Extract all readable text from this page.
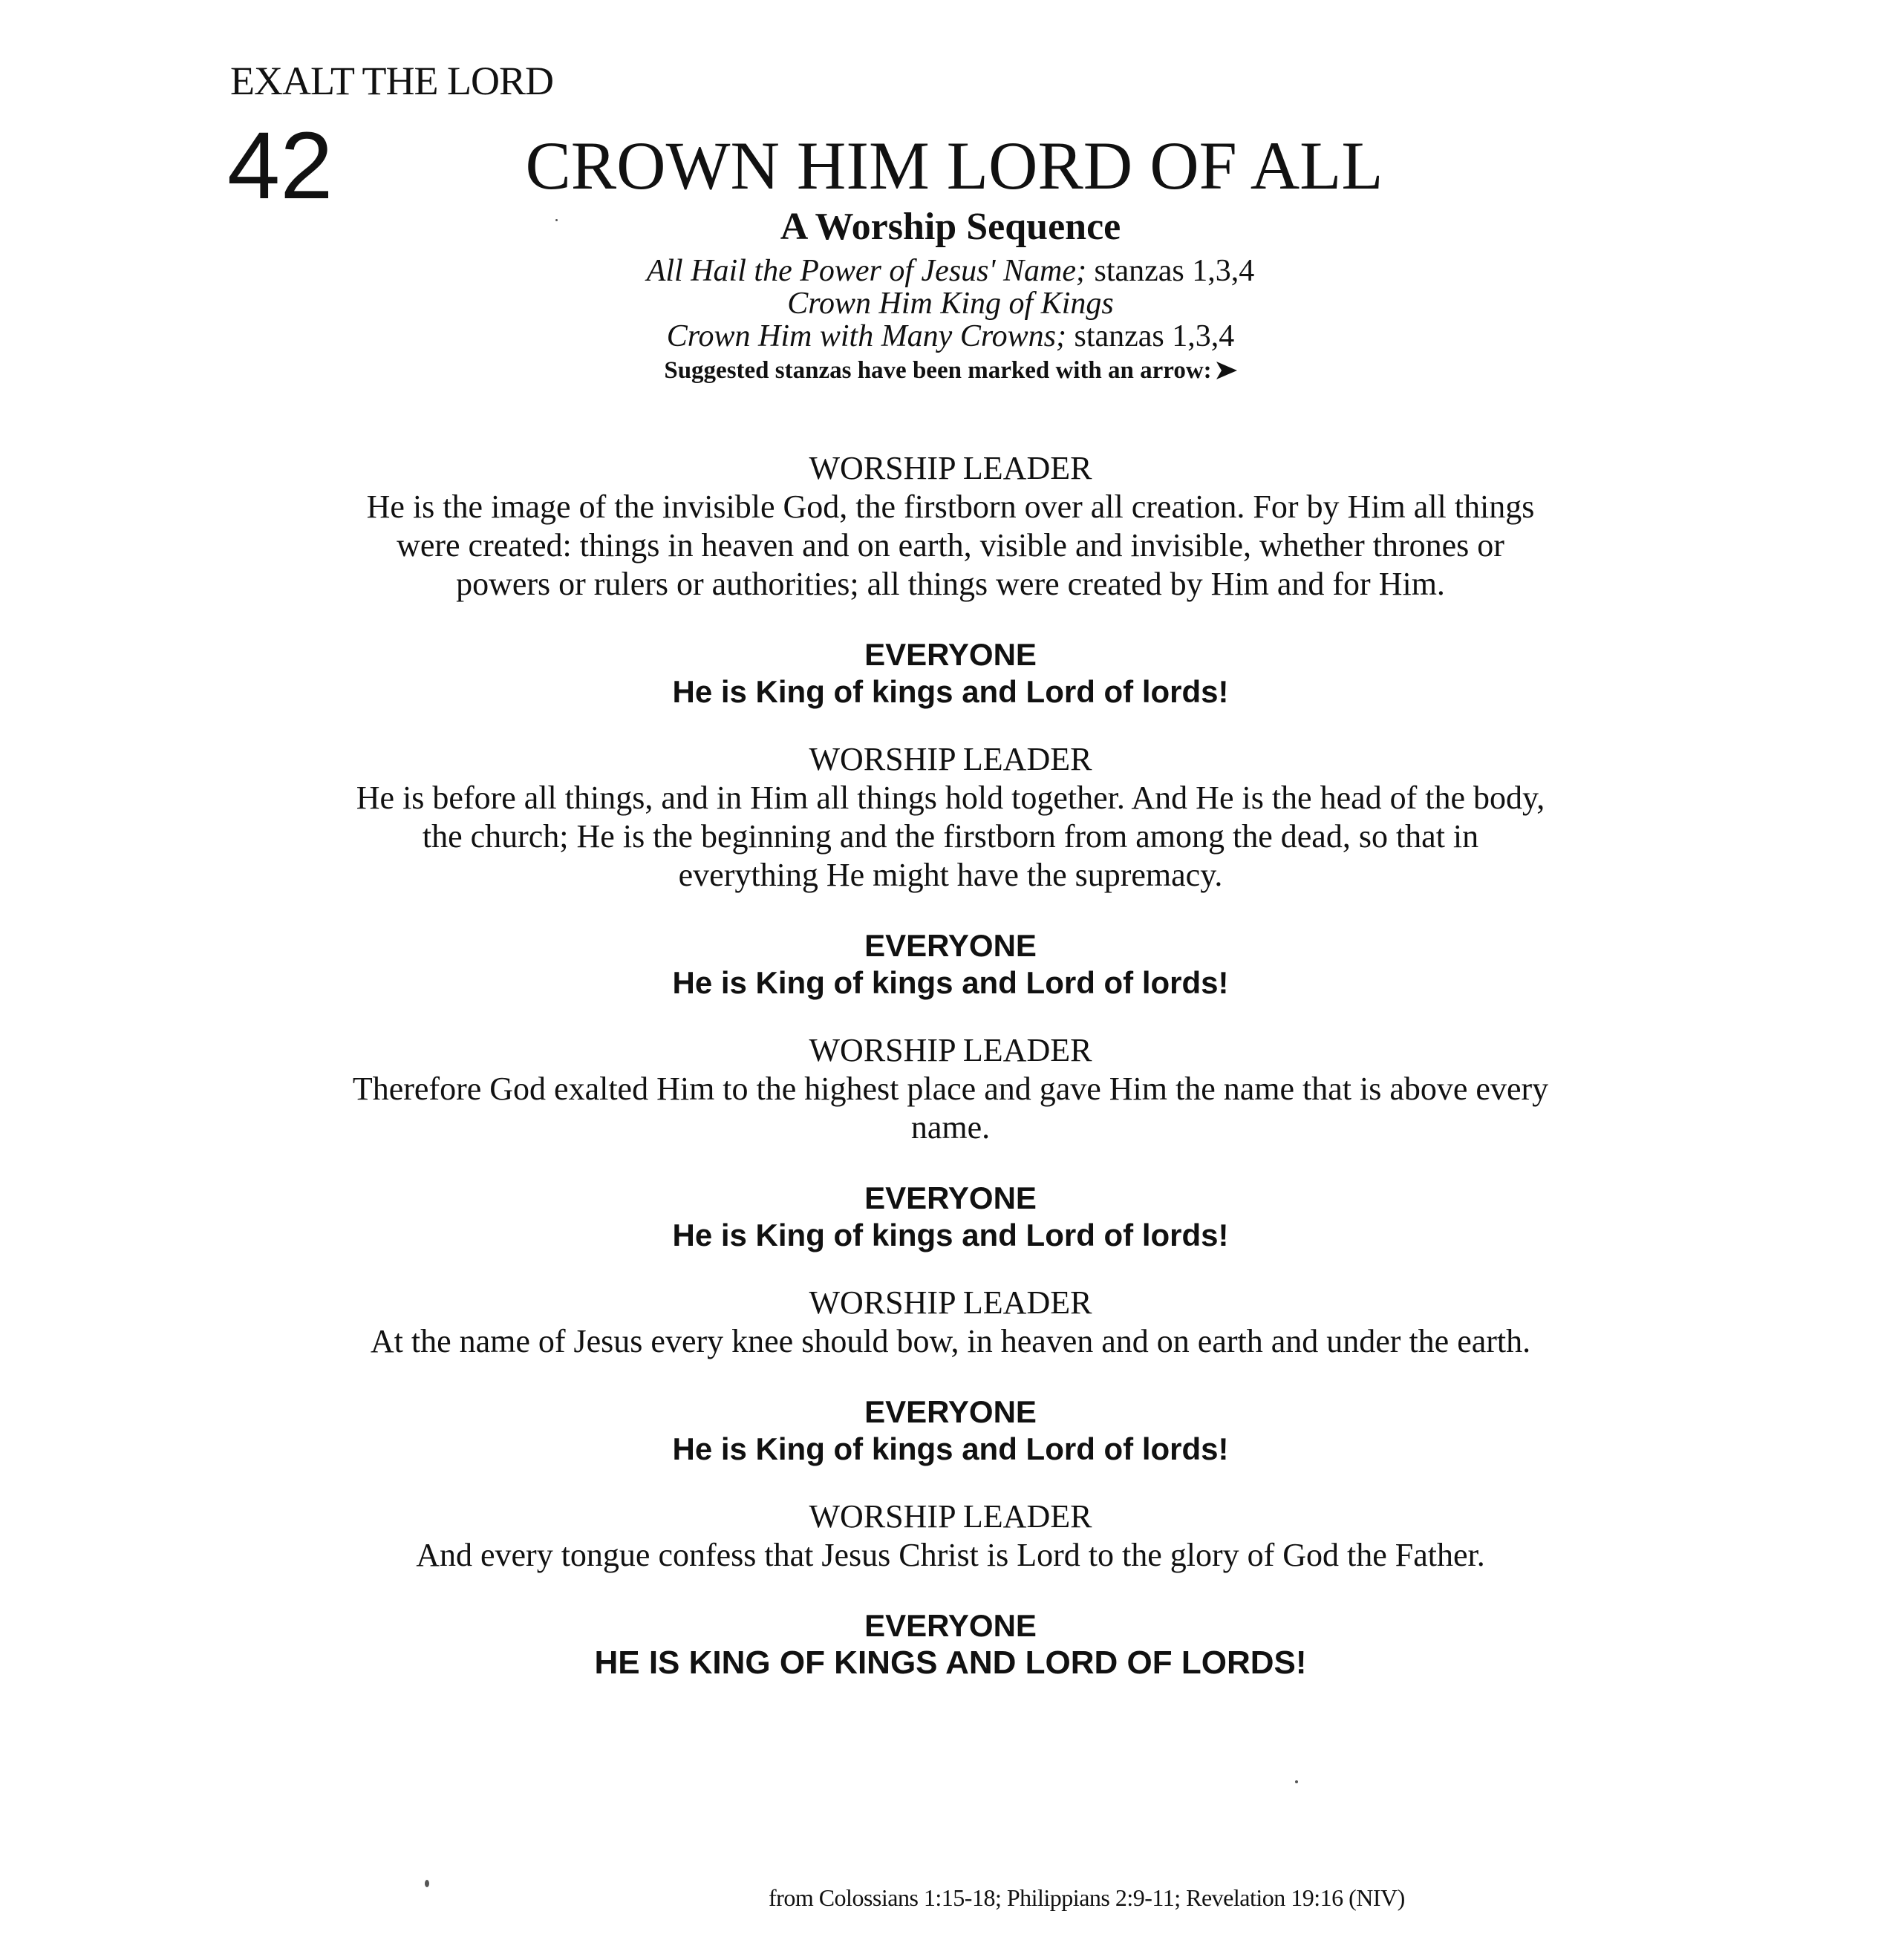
EXALT THE LORD
42	CROWN HIM LORD OF ALL
A Worship Sequence
All Hail the Power of Jesus' Name; stanzas 1,3,4
Crown Him King of Kings
Crown Him with Many Crowns; stanzas 1,3,4
Suggested stanzas have been marked with an arrow:
WORSHIP LEADER
He is the image of the invisible God, the firstborn over all creation. For by Him all things were created: things in heaven and on earth, visible and invisible, whether thrones or powers or rulers or authorities; all things were created by Him and for Him.
EVERYONE
He is King of kings and Lord of lords!
WORSHIP LEADER
He is before all things, and in Him all things hold together. And He is the head of the body, the church; He is the beginning and the firstborn from among the dead, so that in everything He might have the supremacy.
EVERYONE
He is King of kings and Lord of lords!
WORSHIP LEADER
Therefore God exalted Him to the highest place and gave Him the name that is above every name.
EVERYONE
He is King of kings and Lord of lords!
WORSHIP LEADER
At the name of Jesus every knee should bow, in heaven and on earth and under the earth.
EVERYONE
He is King of kings and Lord of lords!
WORSHIP LEADER
And every tongue confess that Jesus Christ is Lord to the glory of God the Father.
EVERYONE
HE IS KING OF KINGS AND LORD OF LORDS!
from Colossians 1:15-18; Philippians 2:9-11; Revelation 19:16 (NIV)
